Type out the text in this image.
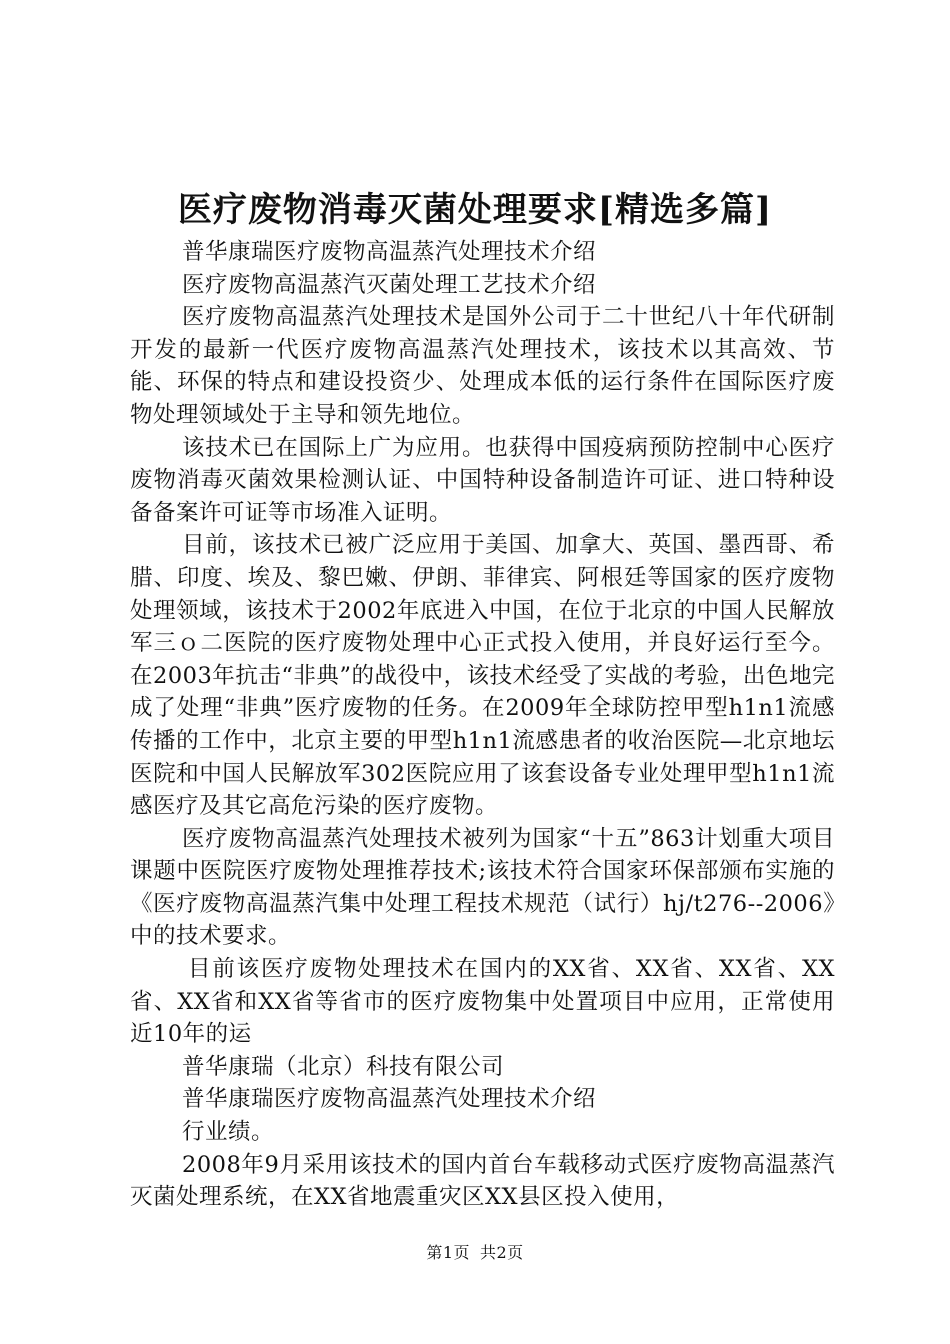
医疗废物消毒灭菌处理要求[精选多篇]

普华康瑞医疗废物高温蒸汽处理技术介绍

医疗废物高温蒸汽灭菌处理工艺技术介绍

医疗废物高温蒸汽处理技术是国外公司于二十世纪八十年代研制开发的最新一代医疗废物高温蒸汽处理技术，该技术以其高效、节能、环保的特点和建设投资少、处理成本低的运行条件在国际医疗废物处理领域处于主导和领先地位。

该技术已在国际上广为应用。也获得中国疫病预防控制中心医疗废物消毒灭菌效果检测认证、中国特种设备制造许可证、进口特种设备备案许可证等市场准入证明。

目前，该技术已被广泛应用于美国、加拿大、英国、墨西哥、希腊、印度、埃及、黎巴嫩、伊朗、菲律宾、阿根廷等国家的医疗废物处理领域，该技术于2002年底进入中国，在位于北京的中国人民解放军三ｏ二医院的医疗废物处理中心正式投入使用，并良好运行至今。在2003年抗击“非典”的战役中，该技术经受了实战的考验，出色地完成了处理“非典”医疗废物的任务。在2009年全球防控甲型h1n1流感传播的工作中，北京主要的甲型h1n1流感患者的收治医院—北京地坛医院和中国人民解放军302医院应用了该套设备专业处理甲型h1n1流感医疗及其它高危污染的医疗废物。

医疗废物高温蒸汽处理技术被列为国家“十五”863计划重大项目课题中医院医疗废物处理推荐技术;该技术符合国家环保部颁布实施的《医疗废物高温蒸汽集中处理工程技术规范（试行）hj/t276--2006》中的技术要求。

目前该医疗废物处理技术在国内的XX省、XX省、XX省、XX省、XX省和XX省等省市的医疗废物集中处置项目中应用，正常使用近10年的运

普华康瑞（北京）科技有限公司

普华康瑞医疗废物高温蒸汽处理技术介绍

行业绩。

2008年9月采用该技术的国内首台车载移动式医疗废物高温蒸汽灭菌处理系统，在XX省地震重灾区XX县区投入使用，

第1页 共2页
